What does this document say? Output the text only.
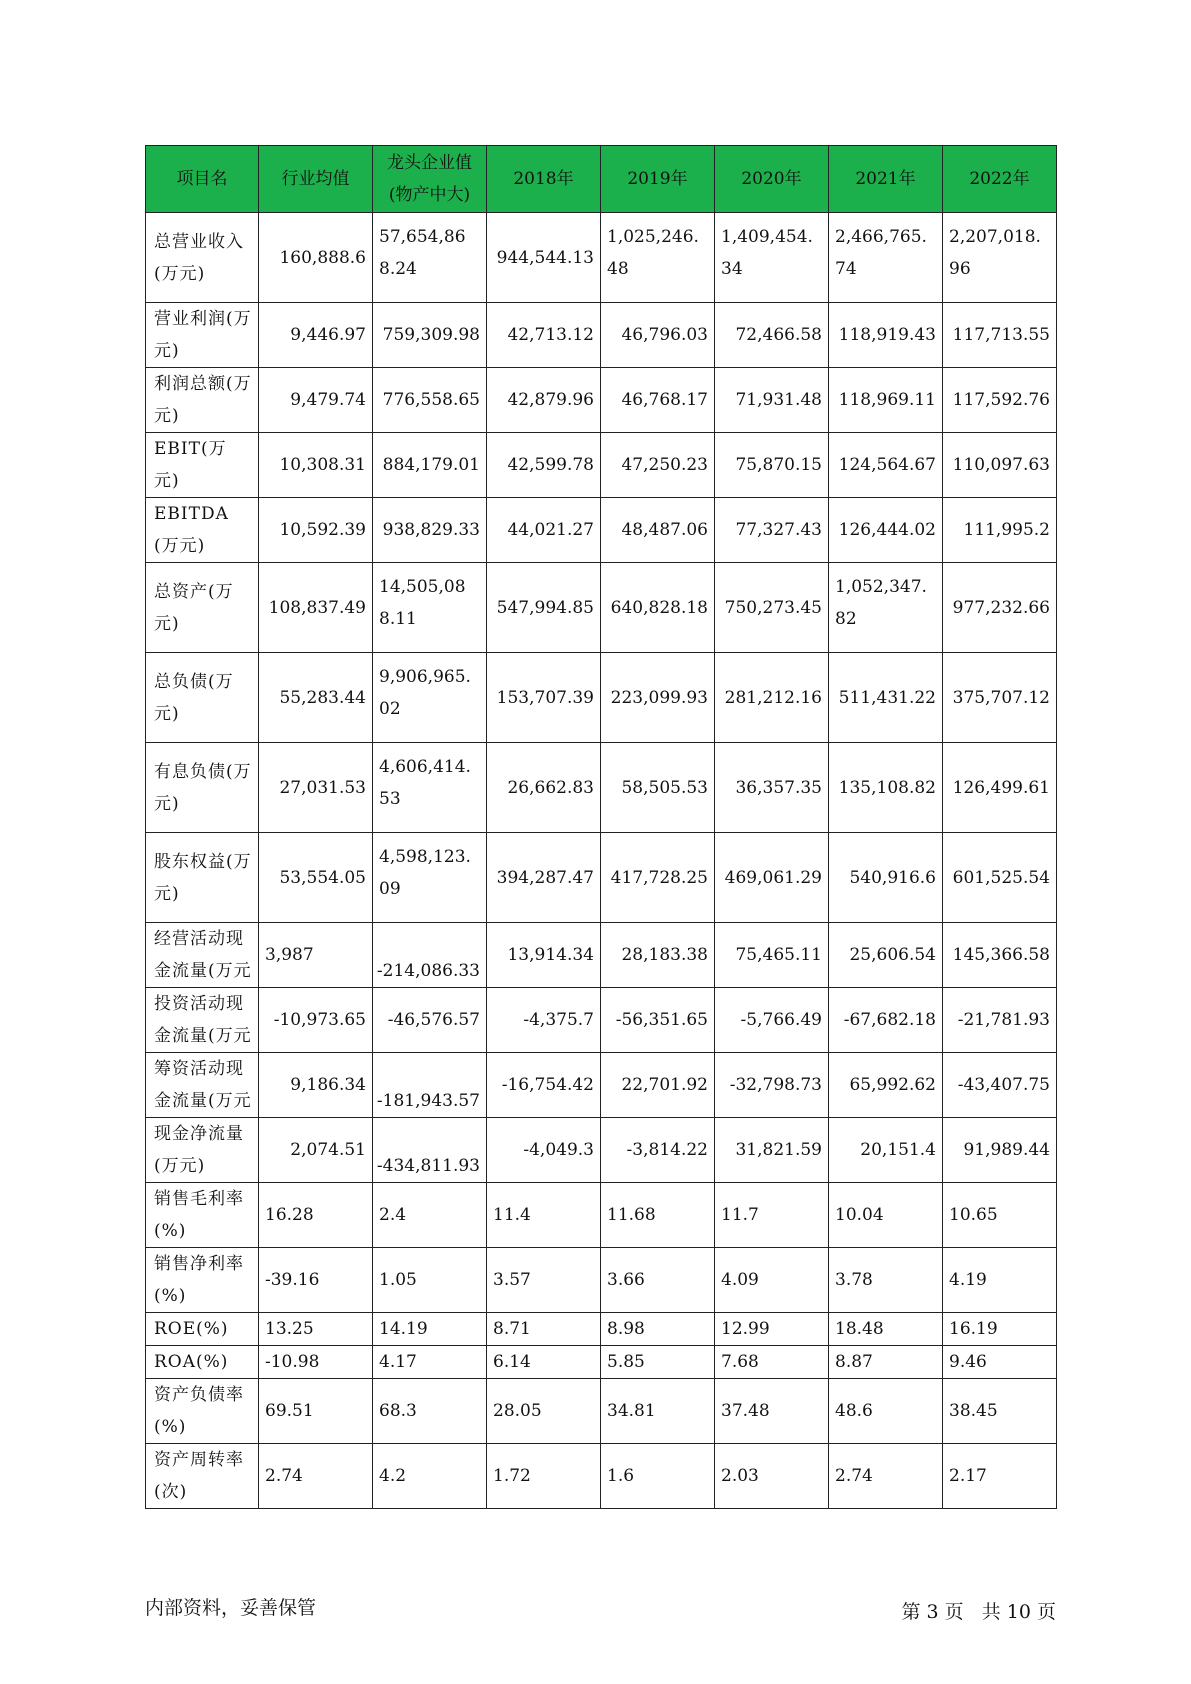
项目名	行业均值	龙头企业值(物产中大)	2018年	2019年	2020年	2021年	2022年
总营业收入(万元)	160,888.6	57,654,868.24	944,544.13	1,025,246.48	1,409,454.34	2,466,765.74	2,207,018.96
营业利润(万元)	9,446.97	759,309.98	42,713.12	46,796.03	72,466.58	118,919.43	117,713.55
利润总额(万元)	9,479.74	776,558.65	42,879.96	46,768.17	71,931.48	118,969.11	117,592.76
EBIT(万元)	10,308.31	884,179.01	42,599.78	47,250.23	75,870.15	124,564.67	110,097.63
EBITDA(万元)	10,592.39	938,829.33	44,021.27	48,487.06	77,327.43	126,444.02	111,995.2
总资产(万元)	108,837.49	14,505,088.11	547,994.85	640,828.18	750,273.45	1,052,347.82	977,232.66
总负债(万元)	55,283.44	9,906,965.02	153,707.39	223,099.93	281,212.16	511,431.22	375,707.12
有息负债(万元)	27,031.53	4,606,414.53	26,662.83	58,505.53	36,357.35	135,108.82	126,499.61
股东权益(万元)	53,554.05	4,598,123.09	394,287.47	417,728.25	469,061.29	540,916.6	601,525.54
经营活动现金流量(万元	3,987	-214,086.33	13,914.34	28,183.38	75,465.11	25,606.54	145,366.58
投资活动现金流量(万元	-10,973.65	-46,576.57	-4,375.7	-56,351.65	-5,766.49	-67,682.18	-21,781.93
筹资活动现金流量(万元	9,186.34	-181,943.57	-16,754.42	22,701.92	-32,798.73	65,992.62	-43,407.75
现金净流量(万元)	2,074.51	-434,811.93	-4,049.3	-3,814.22	31,821.59	20,151.4	91,989.44
销售毛利率(%)	16.28	2.4	11.4	11.68	11.7	10.04	10.65
销售净利率(%)	-39.16	1.05	3.57	3.66	4.09	3.78	4.19
ROE(%)	13.25	14.19	8.71	8.98	12.99	18.48	16.19
ROA(%)	-10.98	4.17	6.14	5.85	7.68	8.87	9.46
资产负债率(%)	69.51	68.3	28.05	34.81	37.48	48.6	38.45
资产周转率(次)	2.74	4.2	1.72	1.6	2.03	2.74	2.17
内部资料，妥善保管	第 3 页   共 10 页
